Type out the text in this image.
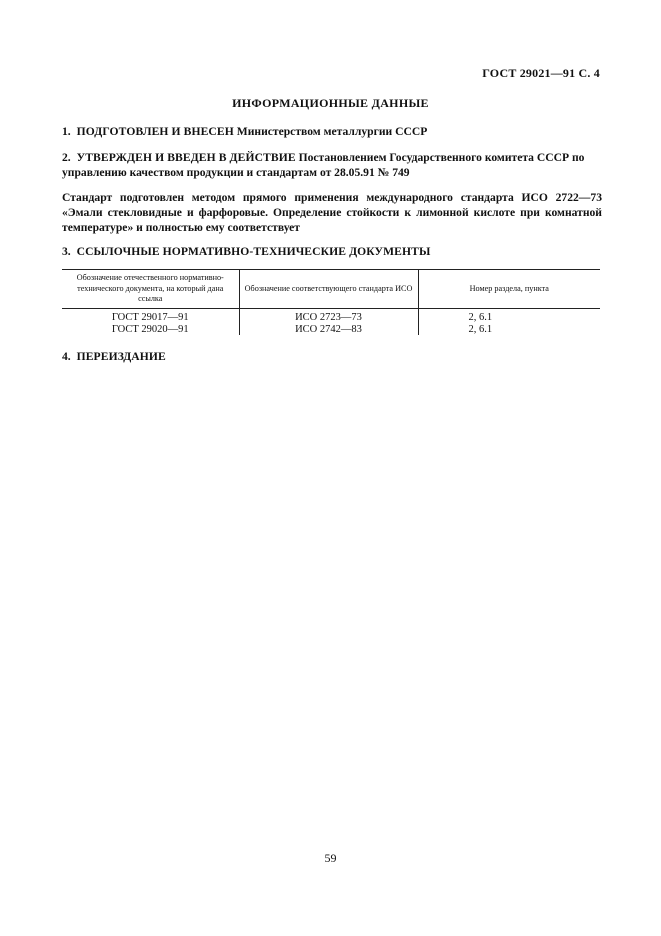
ГОСТ 29021—91 С. 4
ИНФОРМАЦИОННЫЕ ДАННЫЕ
1. ПОДГОТОВЛЕН И ВНЕСЕН Министерством металлургии СССР
2. УТВЕРЖДЕН И ВВЕДЕН В ДЕЙСТВИЕ Постановлением Государственного комитета СССР по управлению качеством продукции и стандартам от 28.05.91 № 749
Стандарт подготовлен методом прямого применения международного стандарта ИСО 2722—73 «Эмали стекловидные и фарфоровые. Определение стойкости к лимонной кислоте при комнатной температуре» и полностью ему соответствует
3. ССЫЛОЧНЫЕ НОРМАТИВНО-ТЕХНИЧЕСКИЕ ДОКУМЕНТЫ
Обозначение отечественного нормативно-технического документа, на который дана ссылка	Обозначение соответствующего стандарта ИСО	Номер раздела, пункта
ГОСТ 29017—91	ИСО 2723—73	2, 6.1
ГОСТ 29020—91	ИСО 2742—83	2, 6.1
4. ПЕРЕИЗДАНИЕ
59
